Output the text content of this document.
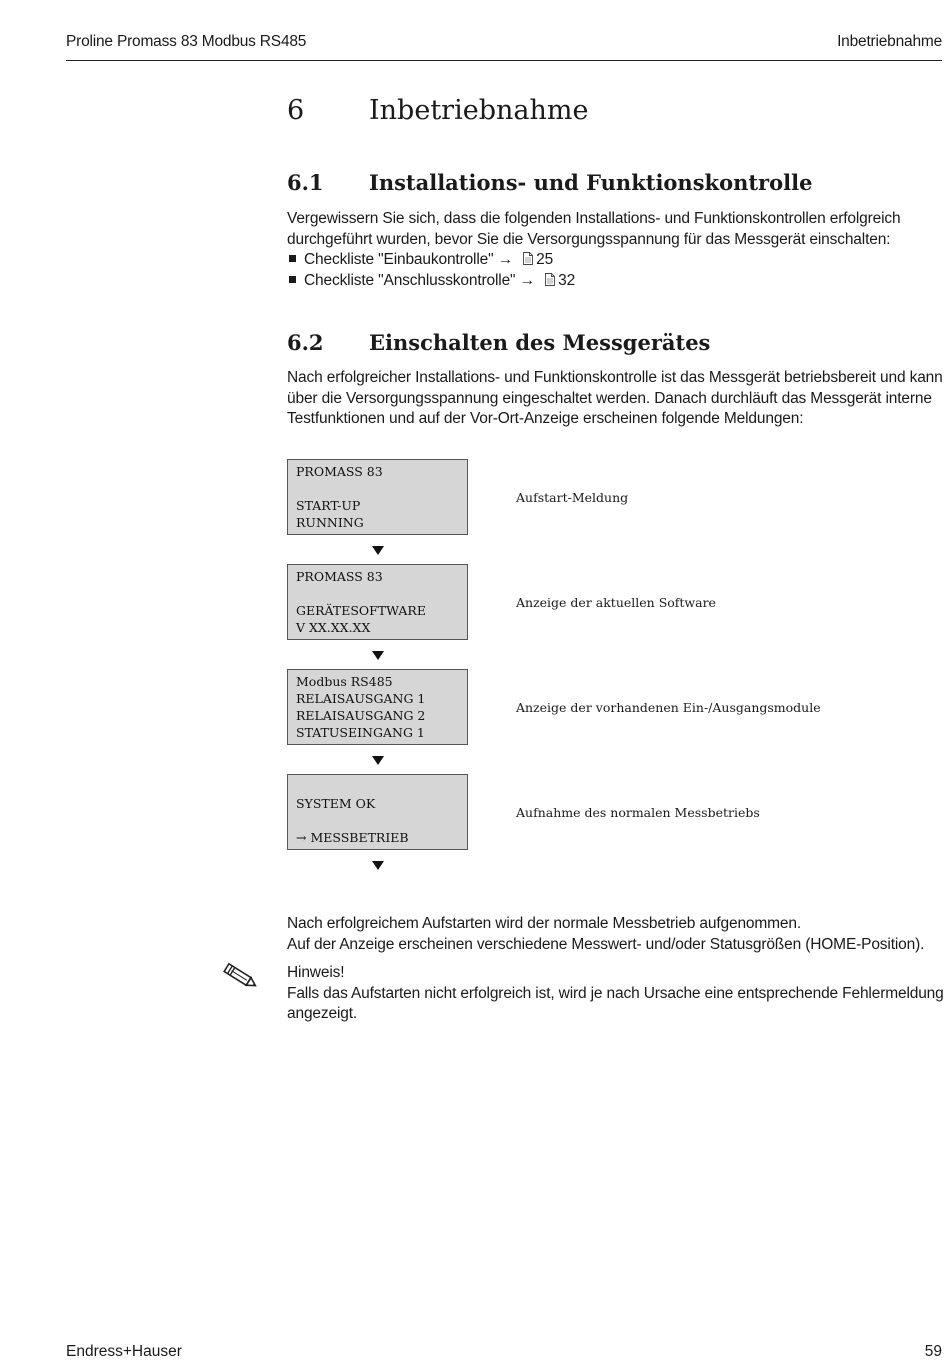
Proline Promass 83 Modbus RS485	Inbetriebnahme
6 Inbetriebnahme
6.1 Installations- und Funktionskontrolle
Vergewissern Sie sich, dass die folgenden Installations- und Funktionskontrollen erfolgreich
durchgeführt wurden, bevor Sie die Versorgungsspannung für das Messgerät einschalten:
Checkliste "Einbaukontrolle" → 25
Checkliste "Anschlusskontrolle" → 32
6.2 Einschalten des Messgerätes
Nach erfolgreicher Installations- und Funktionskontrolle ist das Messgerät betriebsbereit und kann
über die Versorgungsspannung eingeschaltet werden. Danach durchläuft das Messgerät interne
Testfunktionen und auf der Vor-Ort-Anzeige erscheinen folgende Meldungen:
PROMASS 83
START-UP
RUNNING
Aufstart-Meldung
PROMASS 83
GERÄTESOFTWARE
V XX.XX.XX
Anzeige der aktuellen Software
Modbus RS485
RELAISAUSGANG 1
RELAISAUSGANG 2
STATUSEINGANG 1
Anzeige der vorhandenen Ein-/Ausgangsmodule
SYSTEM OK
→ MESSBETRIEB
Aufnahme des normalen Messbetriebs
Nach erfolgreichem Aufstarten wird der normale Messbetrieb aufgenommen.
Auf der Anzeige erscheinen verschiedene Messwert- und/oder Statusgrößen (HOME-Position).
Hinweis!
Falls das Aufstarten nicht erfolgreich ist, wird je nach Ursache eine entsprechende Fehlermeldung
angezeigt.
Endress+Hauser	59
